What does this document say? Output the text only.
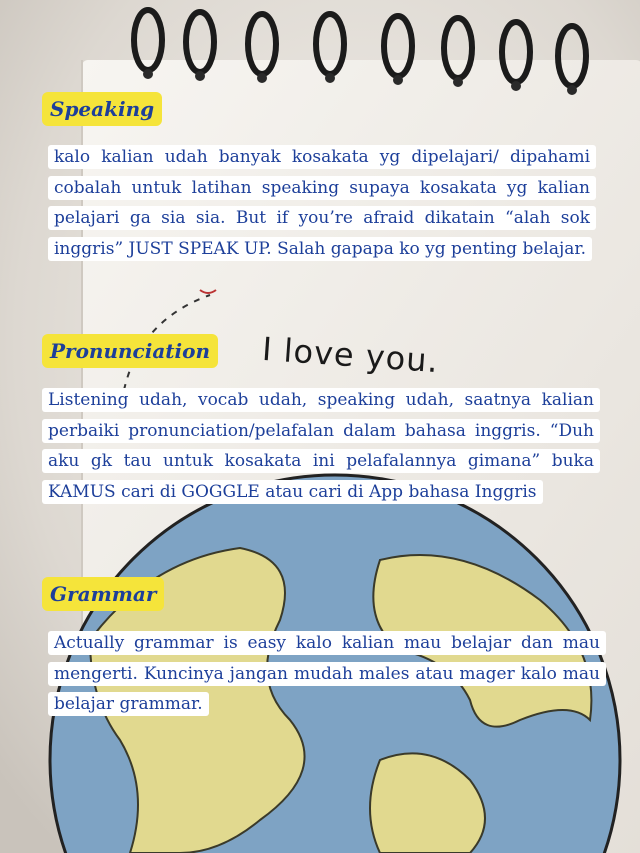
I love you.
Speaking
kalo kalian udah banyak kosakata yg dipelajari/ dipahami cobalah untuk latihan speaking supaya kosakata yg kalian pelajari ga sia sia. But if you’re afraid dikatain “alah sok inggris” JUST SPEAK UP. Salah gapapa ko yg penting belajar.
Pronunciation
Listening udah, vocab udah, speaking udah, saatnya kalian perbaiki pronunciation/pelafalan dalam bahasa inggris. “Duh aku gk tau untuk kosakata ini pelafalannya gimana” buka KAMUS cari di GOGGLE atau cari di App bahasa Inggris
Grammar
Actually grammar is easy kalo kalian mau belajar dan mau mengerti. Kuncinya jangan mudah males atau mager kalo mau belajar grammar.
